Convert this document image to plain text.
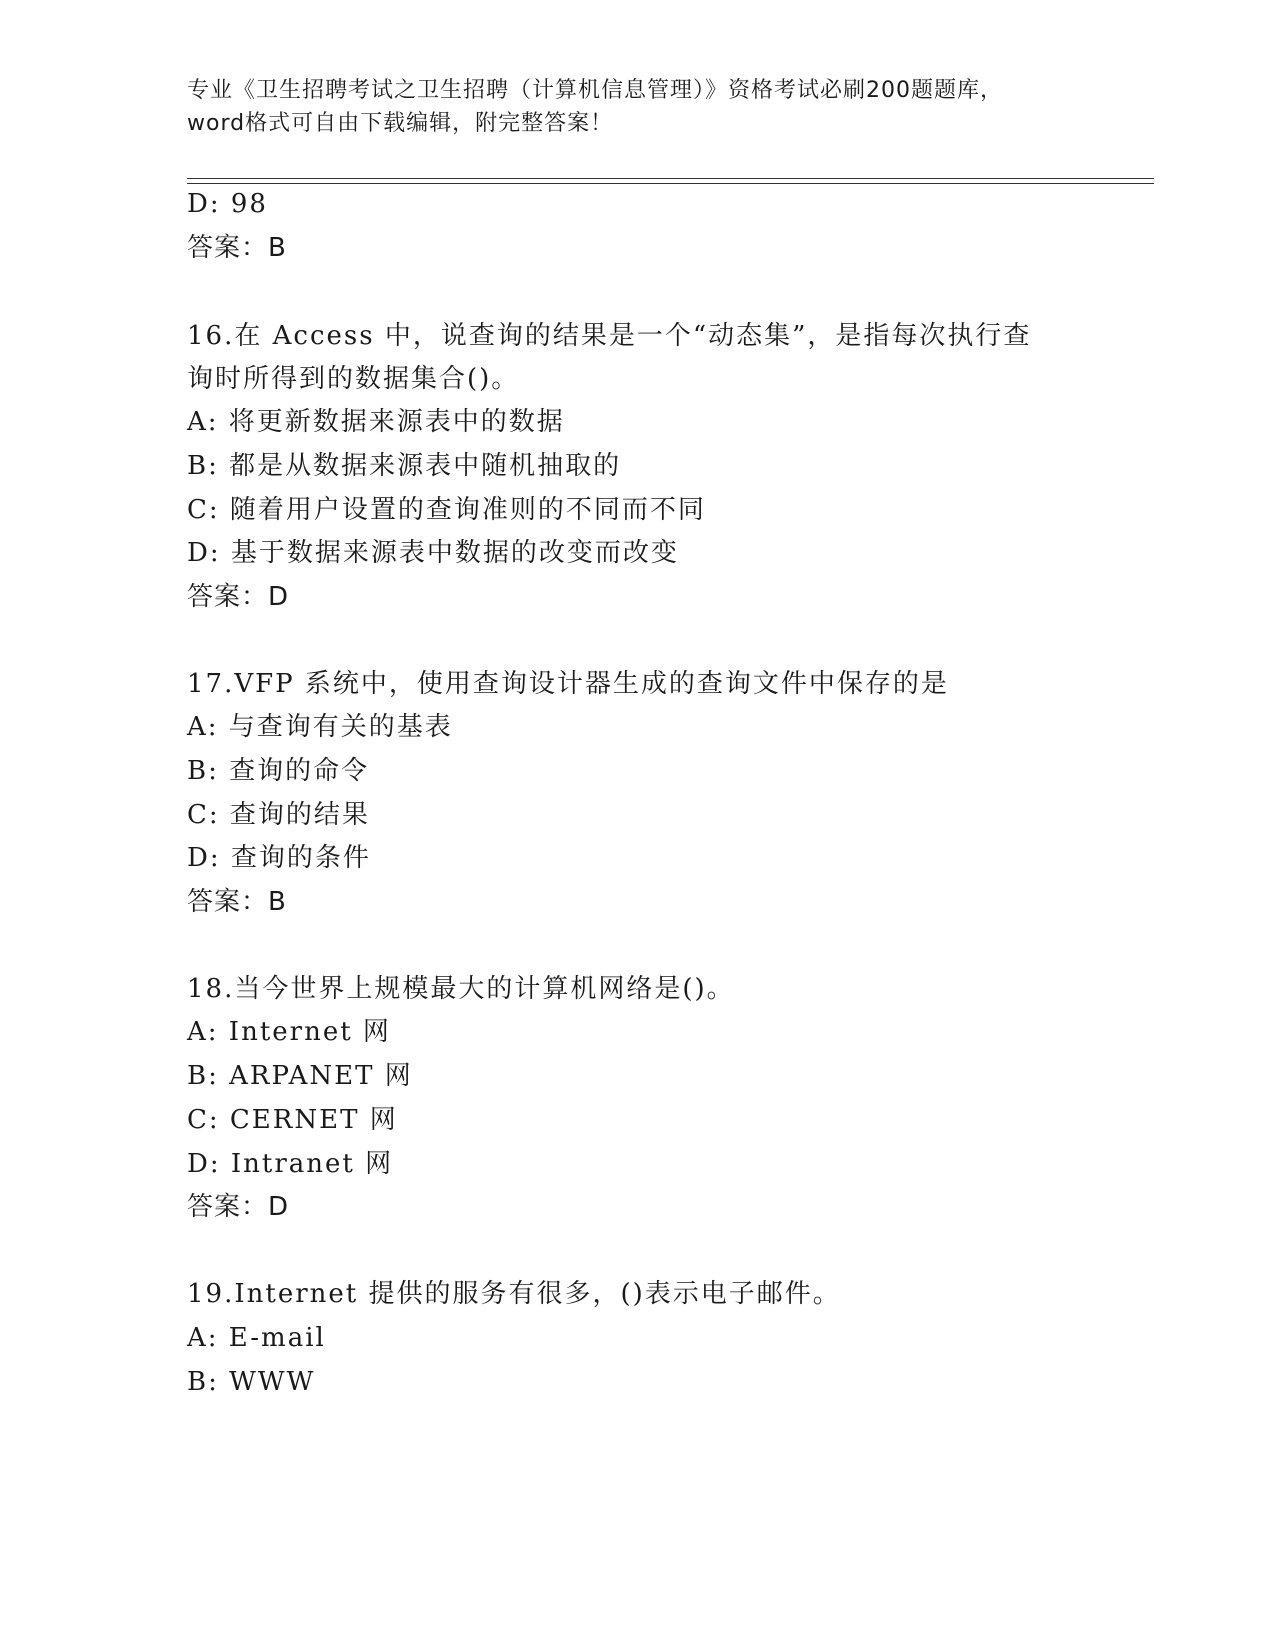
专业《卫生招聘考试之卫生招聘（计算机信息管理）》资格考试必刷200题题库，
word格式可自由下载编辑，附完整答案！
D: 98
答案：B
16.在 Access 中，说查询的结果是一个“动态集”，是指每次执行查
询时所得到的数据集合()。
A: 将更新数据来源表中的数据
B: 都是从数据来源表中随机抽取的
C: 随着用户设置的查询准则的不同而不同
D: 基于数据来源表中数据的改变而改变
答案：D
17.VFP 系统中，使用查询设计器生成的查询文件中保存的是
A: 与查询有关的基表
B: 查询的命令
C: 查询的结果
D: 查询的条件
答案：B
18.当今世界上规模最大的计算机网络是()。
A: Internet 网
B: ARPANET 网
C: CERNET 网
D: Intranet 网
答案：D
19.Internet 提供的服务有很多，()表示电子邮件。
A: E-mail
B: WWW
